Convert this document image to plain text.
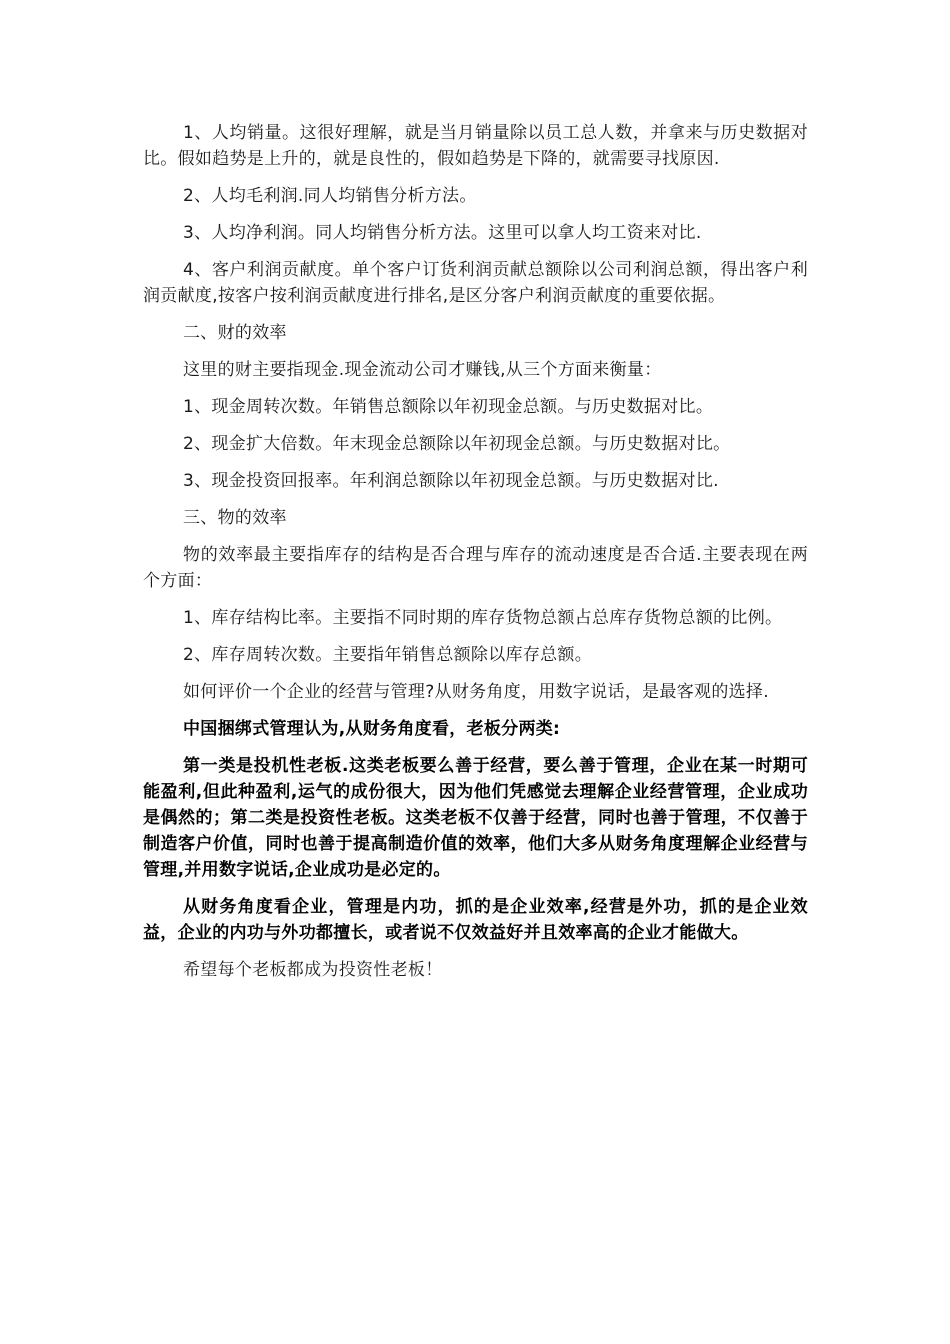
1、人均销量。这很好理解，就是当月销量除以员工总人数，并拿来与历史数据对比。假如趋势是上升的，就是良性的，假如趋势是下降的，就需要寻找原因.

2、人均毛利润.同人均销售分析方法。

3、人均净利润。同人均销售分析方法。这里可以拿人均工资来对比.

4、客户利润贡献度。单个客户订货利润贡献总额除以公司利润总额，得出客户利润贡献度,按客户按利润贡献度进行排名,是区分客户利润贡献度的重要依据。

二、财的效率

这里的财主要指现金.现金流动公司才赚钱,从三个方面来衡量：

1、现金周转次数。年销售总额除以年初现金总额。与历史数据对比。

2、现金扩大倍数。年末现金总额除以年初现金总额。与历史数据对比。

3、现金投资回报率。年利润总额除以年初现金总额。与历史数据对比.

三、物的效率

物的效率最主要指库存的结构是否合理与库存的流动速度是否合适.主要表现在两个方面：

1、库存结构比率。主要指不同时期的库存货物总额占总库存货物总额的比例。

2、库存周转次数。主要指年销售总额除以库存总额。

如何评价一个企业的经营与管理?从财务角度，用数字说话，是最客观的选择.

中国捆绑式管理认为,从财务角度看，老板分两类:

第一类是投机性老板.这类老板要么善于经营，要么善于管理，企业在某一时期可能盈利,但此种盈利,运气的成份很大，因为他们凭感觉去理解企业经营管理，企业成功是偶然的；第二类是投资性老板。这类老板不仅善于经营，同时也善于管理，不仅善于制造客户价值，同时也善于提高制造价值的效率，他们大多从财务角度理解企业经营与管理,并用数字说话,企业成功是必定的。

从财务角度看企业，管理是内功，抓的是企业效率,经营是外功，抓的是企业效益，企业的内功与外功都擅长，或者说不仅效益好并且效率高的企业才能做大。

希望每个老板都成为投资性老板！
